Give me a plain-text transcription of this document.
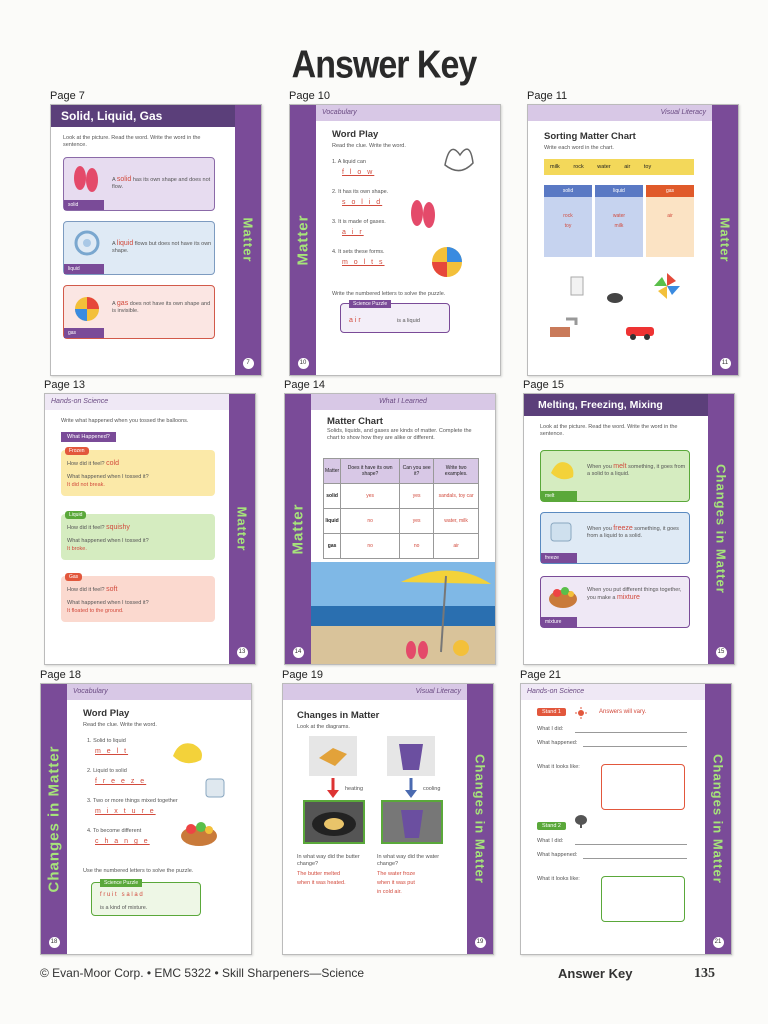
Answer Key
Page 7
Solid, Liquid, Gas
Look at the picture. Read the word. Write the word in the sentence.
solid
A solid has its own shape and does not flow.
liquid
A liquid flows but does not have its own shape.
gas
A gas does not have its own shape and is invisible.
Matter
7
Page 10
Matter
10
Vocabulary
Word Play
Read the clue. Write the word.
1. A liquid can
f l o w
2. It has its own shape.
s o l i d
3. It is made of gases.
a i r
4. It sets these forms.
m o l t s
Write the numbered letters to solve the puzzle.
Science Puzzle
a i r	is a liquid
Page 11
Visual Literacy
Sorting Matter Chart
Write each word in the chart.
milk rock water air toy
solid
rock
toy
liquid
water
milk
gas
air
Matter
11
Page 13
Hands-on Science
Write what happened when you tossed the balloons.
What Happened?
Frozen
How did it feel? cold
What happened when I tossed it?
It did not break.
Liquid
How did it feel? squishy
What happened when I tossed it?
It broke.
Gas
How did it feel? soft
What happened when I tossed it?
It floated to the ground.
Matter
13
Page 14
Matter
14
What I Learned
Matter Chart
Solids, liquids, and gases are kinds of matter. Complete the chart to show how they are alike or different.
Matter	Does it have its own shape?	Can you see it?	Write two examples.
solid	yes	yes	sandals, toy car
liquid	no	yes	water, milk
gas	no	no	air
Page 15
Melting, Freezing, Mixing
Look at the picture. Read the word. Write the word in the sentence.
melt
When you melt something, it goes from a solid to a liquid.
freeze
When you freeze something, it goes from a liquid to a solid.
mixture
When you put different things together, you make a mixture
Changes in Matter
15
Page 18
Changes in Matter
18
Vocabulary
Word Play
Read the clue. Write the word.
1. Solid to liquid
m e l t
2. Liquid to solid
f r e e z e
3. Two or more things mixed together
m i x t u r e
4. To become different
c h a n g e
Use the numbered letters to solve the puzzle.
Science Puzzle
f r u i t   s a l a d
is a kind of mixture.
Page 19
Visual Literacy
Changes in Matter
Look at the diagrams.
heating	cooling
In what way did the butter change?
In what way did the water change?
The butter melted
when it was heated.
The water froze
when it was put
in cold air.
Changes in Matter
19
Page 21
Hands-on Science
Stand 1	Answers will vary.
What I did:
What happened:
What it looks like:
Stand 2
What I did:
What happened:
What it looks like:	Changes in Matter
21
© Evan-Moor Corp. • EMC 5322 • Skill Sharpeners—Science	Answer Key	135
